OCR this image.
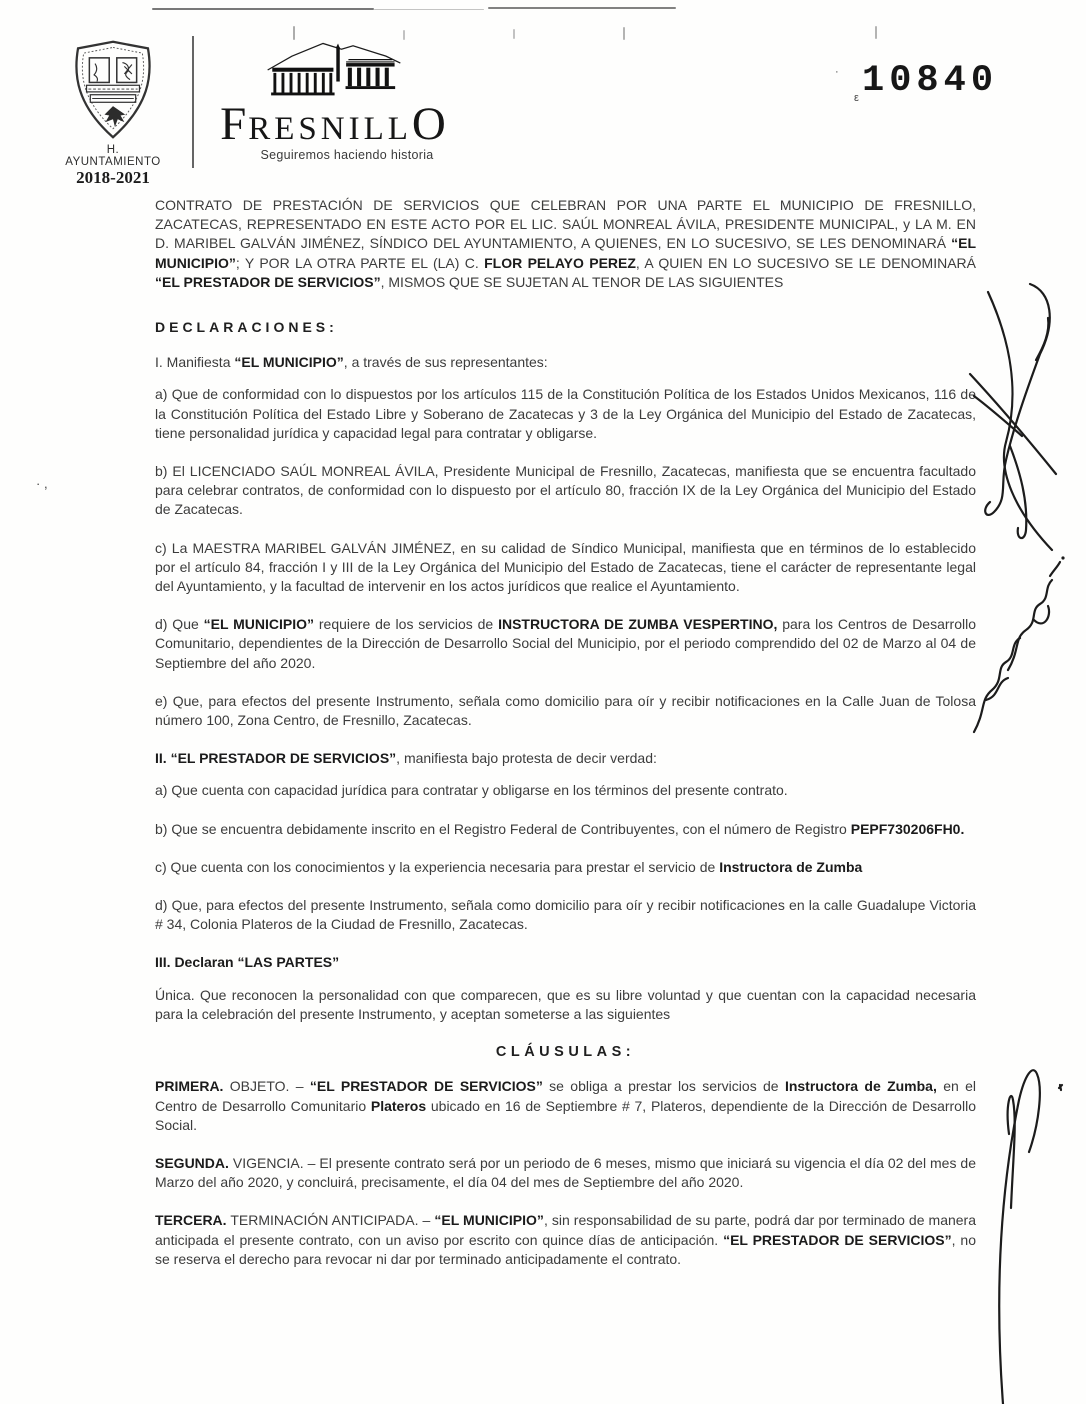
·
ε
· ,
H. AYUNTAMIENTO
2018-2021
FRESNILLO
Seguiremos haciendo historia
10840

CONTRATO DE PRESTACIÓN DE SERVICIOS QUE CELEBRAN POR UNA PARTE EL MUNICIPIO DE FRESNILLO, ZACATECAS, REPRESENTADO EN ESTE ACTO POR EL LIC. SAÚL MONREAL ÁVILA, PRESIDENTE MUNICIPAL, y LA M. EN D. MARIBEL GALVÁN JIMÉNEZ, SÍNDICO DEL AYUNTAMIENTO, A QUIENES, EN LO SUCESIVO, SE LES DENOMINARÁ “EL MUNICIPIO”; Y POR LA OTRA PARTE EL (LA) C. FLOR PELAYO PEREZ, A QUIEN EN LO SUCESIVO SE LE DENOMINARÁ “EL PRESTADOR DE SERVICIOS”, MISMOS QUE SE SUJETAN AL TENOR DE LAS SIGUIENTES

DECLARACIONES:

I. Manifiesta “EL MUNICIPIO”, a través de sus representantes:

a) Que de conformidad con lo dispuestos por los artículos 115 de la Constitución Política de los Estados Unidos Mexicanos, 116 de la Constitución Política del Estado Libre y Soberano de Zacatecas y 3 de la Ley Orgánica del Municipio del Estado de Zacatecas, tiene personalidad jurídica y capacidad legal para contratar y obligarse.

b) El LICENCIADO SAÚL MONREAL ÁVILA, Presidente Municipal de Fresnillo, Zacatecas, manifiesta que se encuentra facultado para celebrar contratos, de conformidad con lo dispuesto por el artículo 80, fracción IX de la Ley Orgánica del Municipio del Estado de Zacatecas.

c) La MAESTRA MARIBEL GALVÁN JIMÉNEZ, en su calidad de Síndico Municipal, manifiesta que en términos de lo establecido por el artículo 84, fracción I y III de la Ley Orgánica del Municipio del Estado de Zacatecas, tiene el carácter de representante legal del Ayuntamiento, y la facultad de intervenir en los actos jurídicos que realice el Ayuntamiento.

d) Que “EL MUNICIPIO” requiere de los servicios de INSTRUCTORA DE ZUMBA VESPERTINO, para los Centros de Desarrollo Comunitario, dependientes de la Dirección de Desarrollo Social del Municipio, por el periodo comprendido del 02 de Marzo al 04 de Septiembre del año 2020.

e) Que, para efectos del presente Instrumento, señala como domicilio para oír y recibir notificaciones en la Calle Juan de Tolosa número 100, Zona Centro, de Fresnillo, Zacatecas.

II. “EL PRESTADOR DE SERVICIOS”, manifiesta bajo protesta de decir verdad:

a) Que cuenta con capacidad jurídica para contratar y obligarse en los términos del presente contrato.

b) Que se encuentra debidamente inscrito en el Registro Federal de Contribuyentes, con el número de Registro PEPF730206FH0.

c) Que cuenta con los conocimientos y la experiencia necesaria para prestar el servicio de Instructora de Zumba

d) Que, para efectos del presente Instrumento, señala como domicilio para oír y recibir notificaciones en la calle Guadalupe Victoria # 34, Colonia Plateros de la Ciudad de Fresnillo, Zacatecas.

III. Declaran “LAS PARTES”

Única. Que reconocen la personalidad con que comparecen, que es su libre voluntad y que cuentan con la capacidad necesaria para la celebración del presente Instrumento, y aceptan someterse a las siguientes

CLÁUSULAS:

PRIMERA. OBJETO. – “EL PRESTADOR DE SERVICIOS” se obliga a prestar los servicios de Instructora de Zumba, en el Centro de Desarrollo Comunitario Plateros ubicado en 16 de Septiembre # 7, Plateros, dependiente de la Dirección de Desarrollo Social.

SEGUNDA. VIGENCIA. – El presente contrato será por un periodo de 6 meses, mismo que iniciará su vigencia el día 02 del mes de Marzo del año 2020, y concluirá, precisamente, el día 04 del mes de Septiembre del año 2020.

TERCERA. TERMINACIÓN ANTICIPADA. – “EL MUNICIPIO”, sin responsabilidad de su parte, podrá dar por terminado de manera anticipada el presente contrato, con un aviso por escrito con quince días de anticipación. “EL PRESTADOR DE SERVICIOS”, no se reserva el derecho para revocar ni dar por terminado anticipadamente el contrato.
